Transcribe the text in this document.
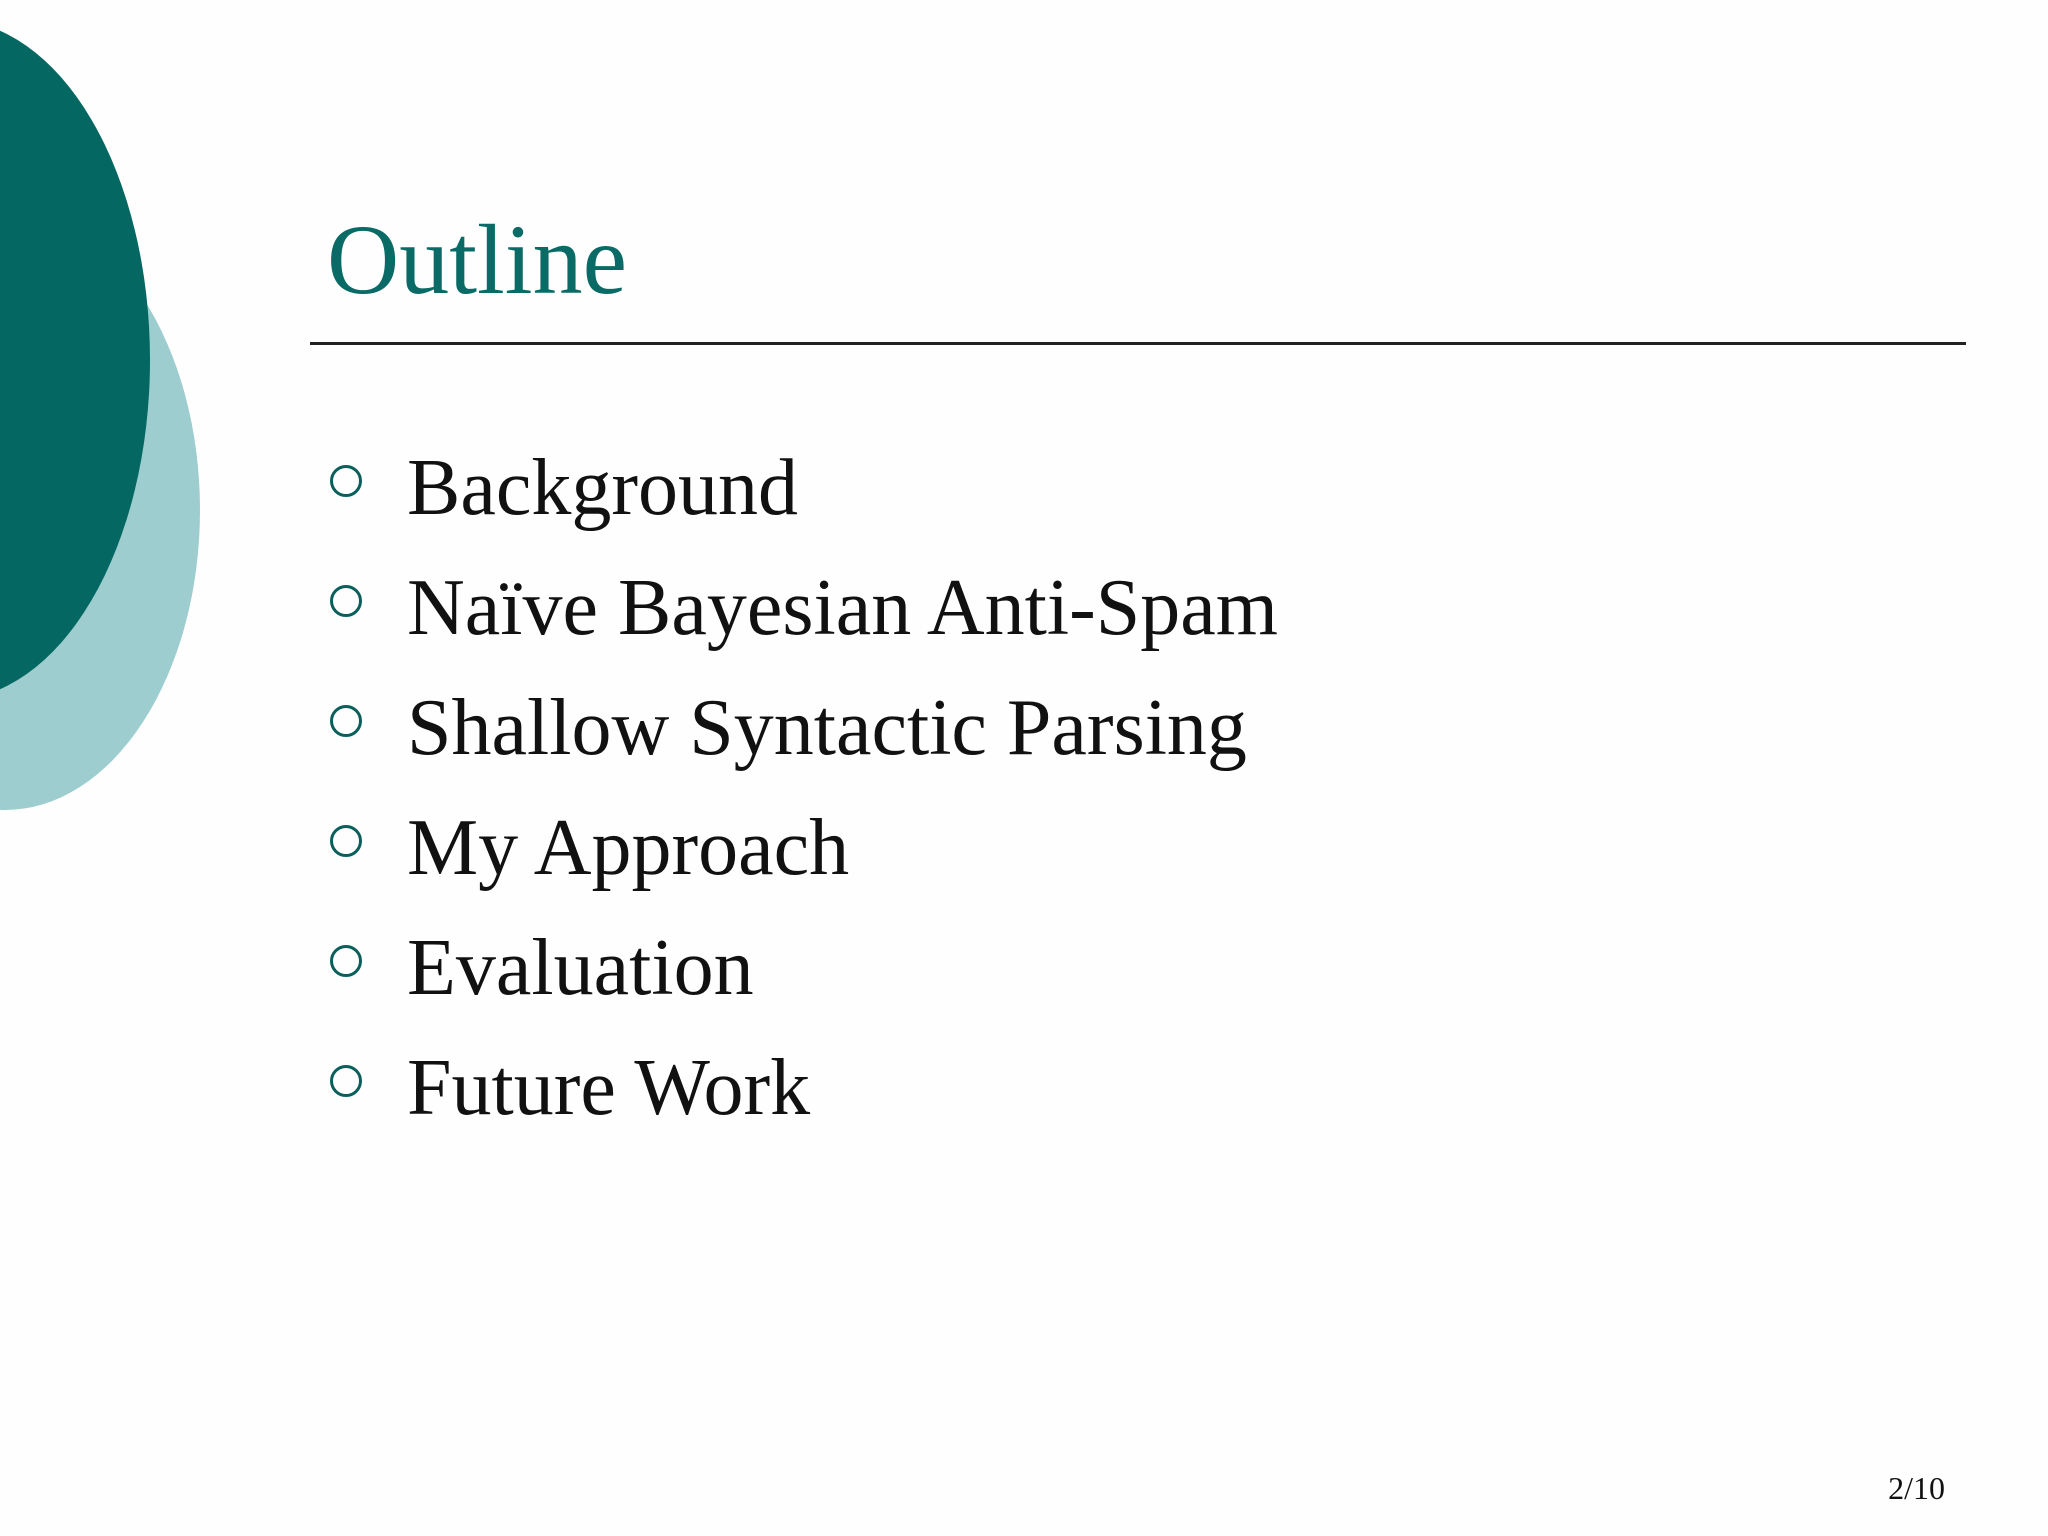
Outline
Background
Naïve Bayesian Anti-Spam
Shallow Syntactic Parsing
My Approach
Evaluation
Future Work
2/10
